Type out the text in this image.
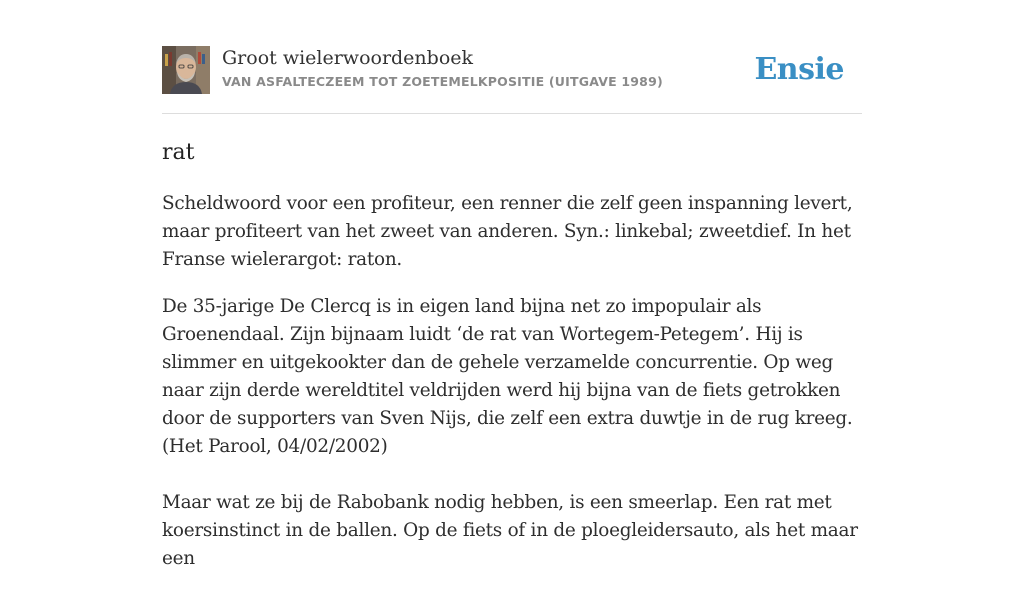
Groot wielerwoordenboek
VAN ASFALTECZEEM TOT ZOETEMELKPOSITIE (UITGAVE 1989)	Ensie
rat

Scheldwoord voor een profiteur, een renner die zelf geen inspanning levert, maar profiteert van het zweet van anderen. Syn.: linkebal; zweetdief. In het Franse wielerargot: raton.

De 35-jarige De Clercq is in eigen land bijna net zo impopulair als Groenendaal. Zijn bijnaam luidt ‘de rat van Wortegem-Petegem’. Hij is slimmer en uitgekookter dan de gehele verzamelde concurrentie. Op weg naar zijn derde wereldtitel veldrijden werd hij bijna van de fiets getrokken door de supporters van Sven Nijs, die zelf een extra duwtje in de rug kreeg. (Het Parool, 04/02/2002)

Maar wat ze bij de Rabobank nodig hebben, is een smeerlap. Een rat met koersinstinct in de ballen. Op de fiets of in de ploegleidersauto, als het maar een
